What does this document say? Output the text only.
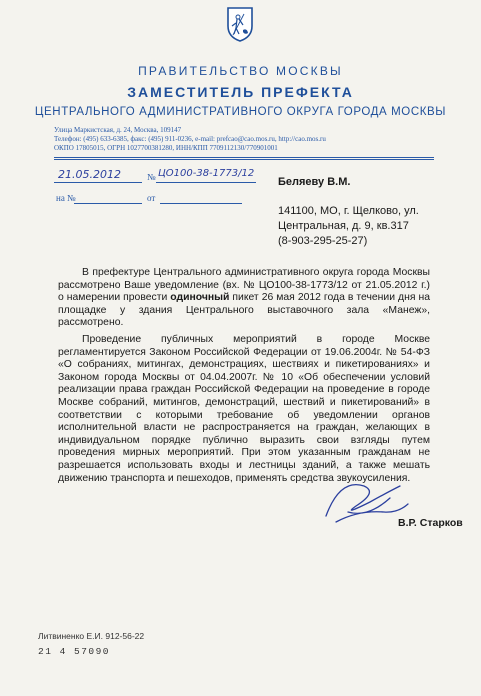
ПРАВИТЕЛЬСТВО МОСКВЫ
ЗАМЕСТИТЕЛЬ ПРЕФЕКТА
ЦЕНТРАЛЬНОГО АДМИНИСТРАТИВНОГО ОКРУГА ГОРОДА МОСКВЫ
Улица Маркистская, д. 24, Москва, 109147
Телефон: (495) 633-6385, факс: (495) 911-0236, e-mail: prefcao@cao.mos.ru, http://cao.mos.ru
ОКПО 17805015, ОГРН 1027700381280, ИНН/КПП 7709112130/770901001
21.05.2012	№ ЦО100-38-1773/12
на №	от
Беляеву В.М.
141100, МО, г. Щелково, ул.
Центральная, д. 9, кв.317
(8-903-295-25-27)

В префектуре Центрального административного округа города Москвы рассмотрено Ваше уведомление (вх. № ЦО100-38-1773/12 от 21.05.2012 г.) о намерении провести одиночный пикет 26 мая 2012 года в течении дня на площадке у здания Центрального выставочного зала «Манеж», рассмотрено.

Проведение публичных мероприятий в городе Москве регламентируется Законом Российской Федерации от 19.06.2004г. № 54-ФЗ «О собраниях, митингах, демонстрациях, шествиях и пикетированиях» и Законом города Москвы от 04.04.2007г. № 10 «Об обеспечении условий реализации права граждан Российской Федерации на проведение в городе Москве собраний, митингов, демонстраций, шествий и пикетирований» в соответствии с которыми требование об уведомлении органов исполнительной власти не распространяется на граждан, желающих в индивидуальном порядке публично выразить свои взгляды путем проведения мирных мероприятий. При этом указанным гражданам не разрешается использовать входы и лестницы зданий, а также мешать движению транспорта и пешеходов, применять средства звукоусиления.

В.Р. Старков
Литвиненко Е.И. 912-56-22
21 4 57090
